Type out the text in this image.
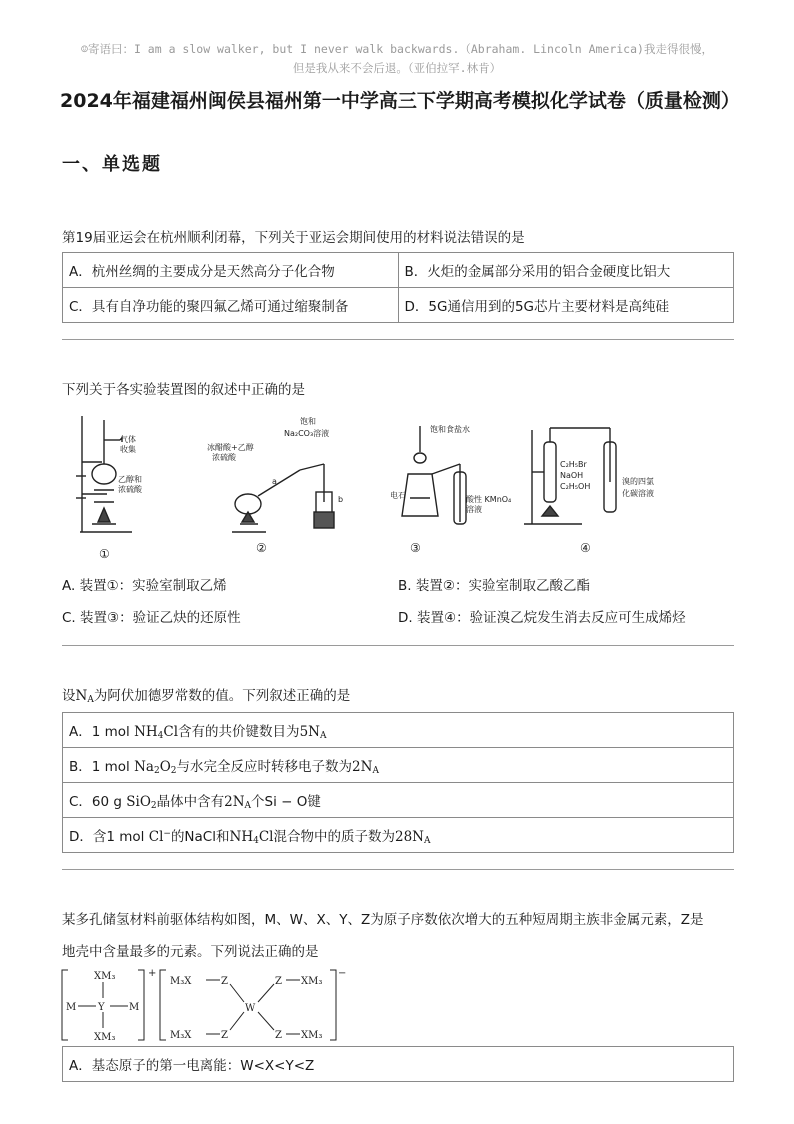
☺寄语曰：I am a slow walker, but I never walk backwards.（Abraham. Lincoln America)我走得很慢，
但是我从来不会后退。（亚伯拉罕.林肯）
2024年福建福州闽侯县福州第一中学高三下学期高考模拟化学试卷（质量检测）
一、单选题
第19届亚运会在杭州顺利闭幕，下列关于亚运会期间使用的材料说法错误的是
A．杭州丝绸的主要成分是天然高分子化合物	B．火炬的金属部分采用的铝合金硬度比铝大
C．具有自净功能的聚四氟乙烯可通过缩聚制备	D．5G通信用到的5G芯片主要材料是高纯硅
下列关于各实验装置图的叙述中正确的是
气体
收集
乙醇和
浓硫酸
冰醋酸+乙醇
浓硫酸
饱和
Na₂CO₃溶液
a
b
饱和食盐水
电石	酸性 KMnO₄
溶液
C₂H₅Br
NaOH
C₂H₅OH
溴的四氯
化碳溶液
①	②	③	④
A. 装置①：实验室制取乙烯	B. 装置②：实验室制取乙酸乙酯
C. 装置③：验证乙炔的还原性	D. 装置④：验证溴乙烷发生消去反应可生成烯烃
设$N_A$为阿伏加德罗常数的值。下列叙述正确的是
A．1 mol $NH_4Cl$含有的共价键数目为$5N_A$
B．1 mol $Na_2O_2$与水完全反应时转移电子数为$2N_A$
C．60 g SiO$_2$晶体中含有$2N_A$个Si − O键
D．含1 mol Cl−的NaCl和$NH_4Cl$混合物中的质子数为$28N_A$
某多孔储氢材料前驱体结构如图，M、W、X、Y、Z为原子序数依次增大的五种短周期主族非金属元素，Z是
地壳中含量最多的元素。下列说法正确的是
XM₃
M Y M
XM₃
+
M₃X	Z
W
Z XM₃
M₃X	Z	Z XM₃
−
A．基态原子的第一电离能：W<X<Y<Z
